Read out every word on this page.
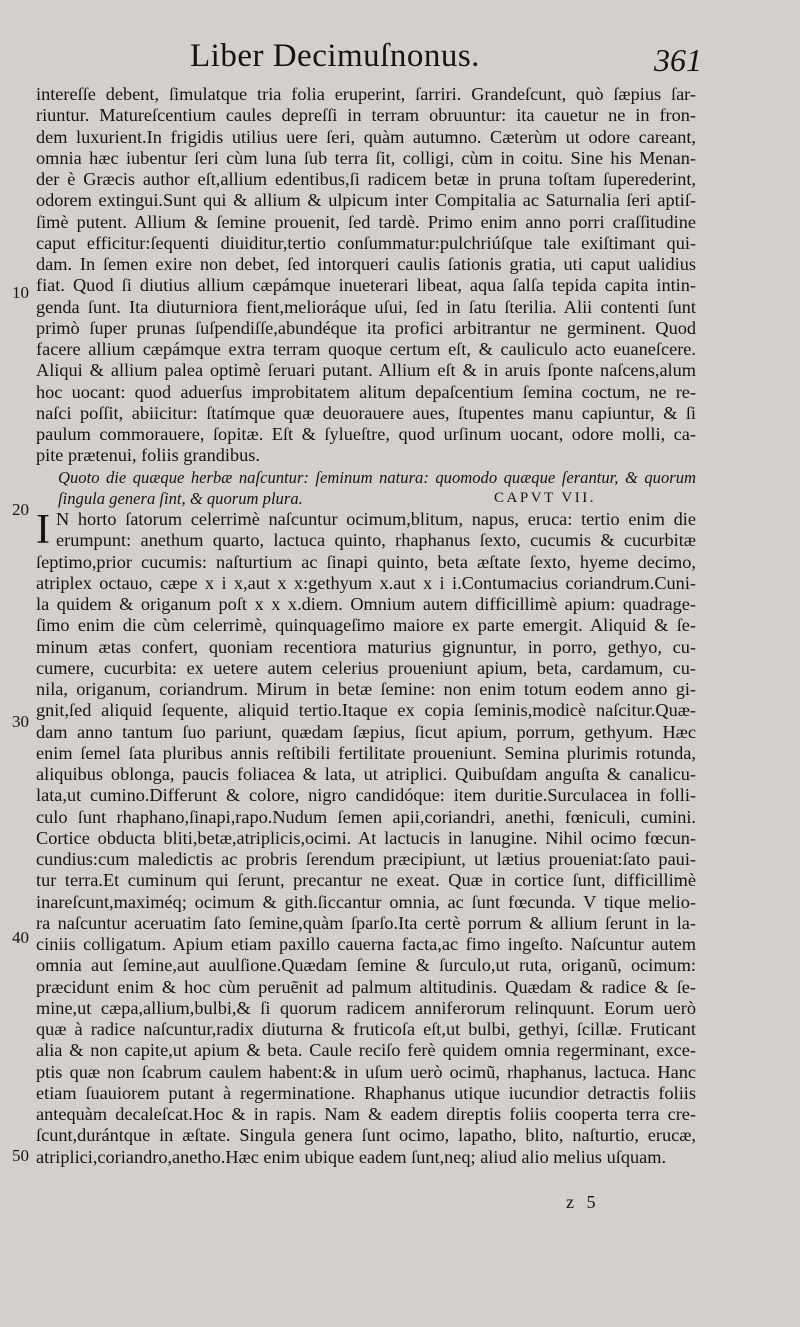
Liber Decimuſnonus.	361
10
20
30
40
50
intereſſe debent, ſimulatque tria folia eruperint, ſarriri. Grandeſcunt, quò ſæpius ſar-
riuntur. Matureſcentium caules depreſſi in terram obruuntur: ita cauetur ne in fron-
dem luxurient.In frigidis utilius uere ſeri, quàm autumno. Cæterùm ut odore careant,
omnia hæc iubentur ſeri cùm luna ſub terra ſit, colligi, cùm in coitu. Sine his Menan-
der è Græcis author eſt,allium edentibus,ſi radicem betæ in pruna toſtam ſuperederint,
odorem extingui.Sunt qui & allium & ulpicum inter Compitalia ac Saturnalia ſeri aptiſ-
ſimè putent. Allium & ſemine prouenit, ſed tardè. Primo enim anno porri craſſitudine
caput efficitur:ſequenti diuiditur,tertio conſummatur:pulchriúſque tale exiſtimant qui-
dam. In ſemen exire non debet, ſed intorqueri caulis ſationis gratia, uti caput ualidius
fiat. Quod ſi diutius allium cæpámque inueterari libeat, aqua ſalſa tepida capita intin-
genda ſunt. Ita diuturniora fient,melioráque uſui, ſed in ſatu ſterilia. Alii contenti ſunt
primò ſuper prunas ſuſpendiſſe,abundéque ita profici arbitrantur ne germinent. Quod
facere allium cæpámque extra terram quoque certum eſt, & cauliculo acto euaneſcere.
Aliqui & allium palea optimè ſeruari putant. Allium eſt & in aruis ſponte naſcens,alum
hoc uocant: quod aduerſus improbitatem alitum depaſcentium ſemina coctum, ne re-
naſci poſſit, abiicitur: ſtatímque quæ deuorauere aues, ſtupentes manu capiuntur, & ſi
paulum commorauere, ſopitæ. Eſt & ſylueſtre, quod urſinum uocant, odore molli, ca-
pite prætenui, foliis grandibus.
Quoto die quæque herbæ naſcuntur: ſeminum natura: quomodo quæque ſerantur, & quorum
ſingula genera ſint, & quorum plura.	CAPVT VII.
I N horto ſatorum celerrimè naſcuntur ocimum,blitum, napus, eruca: tertio enim die
erumpunt: anethum quarto, lactuca quinto, rhaphanus ſexto, cucumis & cucurbitæ
ſeptimo,prior cucumis: naſturtium ac ſinapi quinto, beta æſtate ſexto, hyeme decimo,
atriplex octauo, cæpe x i x,aut x x:gethyum x.aut x i i.Contumacius coriandrum.Cuni-
la quidem & origanum poſt x x x.diem. Omnium autem difficillimè apium: quadrage-
ſimo enim die cùm celerrimè, quinquageſimo maiore ex parte emergit. Aliquid & ſe-
minum ætas confert, quoniam recentiora maturius gignuntur, in porro, gethyo, cu-
cumere, cucurbita: ex uetere autem celerius proueniunt apium, beta, cardamum, cu-
nila, origanum, coriandrum. Mirum in betæ ſemine: non enim totum eodem anno gi-
gnit,ſed aliquid ſequente, aliquid tertio.Itaque ex copia ſeminis,modicè naſcitur.Quæ-
dam anno tantum ſuo pariunt, quædam ſæpius, ſicut apium, porrum, gethyum. Hæc
enim ſemel ſata pluribus annis reſtibili fertilitate proueniunt. Semina plurimis rotunda,
aliquibus oblonga, paucis foliacea & lata, ut atriplici. Quibuſdam anguſta & canalicu-
lata,ut cumino.Differunt & colore, nigro candidóque: item duritie.Surculacea in folli-
culo ſunt rhaphano,ſinapi,rapo.Nudum ſemen apii,coriandri, anethi, fœniculi, cumini.
Cortice obducta bliti,betæ,atriplicis,ocimi. At lactucis in lanugine. Nihil ocimo fœcun-
cundius:cum maledictis ac probris ſerendum præcipiunt, ut lætius proueniat:ſato paui-
tur terra.Et cuminum qui ſerunt, precantur ne exeat. Quæ in cortice ſunt, difficillimè
inareſcunt,maximéq; ocimum & gith.ſiccantur omnia, ac ſunt fœcunda. V tique melio-
ra naſcuntur aceruatim ſato ſemine,quàm ſparſo.Ita certè porrum & allium ſerunt in la-
ciniis colligatum. Apium etiam paxillo cauerna facta,ac fimo ingeſto. Naſcuntur autem
omnia aut ſemine,aut auulſione.Quædam ſemine & ſurculo,ut ruta, origanũ, ocimum:
præcidunt enim & hoc cùm peruẽnit ad palmum altitudinis. Quædam & radice & ſe-
mine,ut cæpa,allium,bulbi,& ſi quorum radicem anniferorum relinquunt. Eorum uerò
quæ à radice naſcuntur,radix diuturna & fruticoſa eſt,ut bulbi, gethyi, ſcillæ. Fruticant
alia & non capite,ut apium & beta. Caule reciſo ferè quidem omnia regerminant, exce-
ptis quæ non ſcabrum caulem habent:& in uſum uerò ocimũ, rhaphanus, lactuca. Hanc
etiam ſuauiorem putant à regerminatione. Rhaphanus utique iucundior detractis foliis
antequàm decaleſcat.Hoc & in rapis. Nam & eadem direptis foliis cooperta terra cre-
ſcunt,durántque in æſtate. Singula genera ſunt ocimo, lapatho, blito, naſturtio, erucæ,
atriplici,coriandro,anetho.Hæc enim ubique eadem ſunt,neq; aliud alio melius uſquam.
z 5
